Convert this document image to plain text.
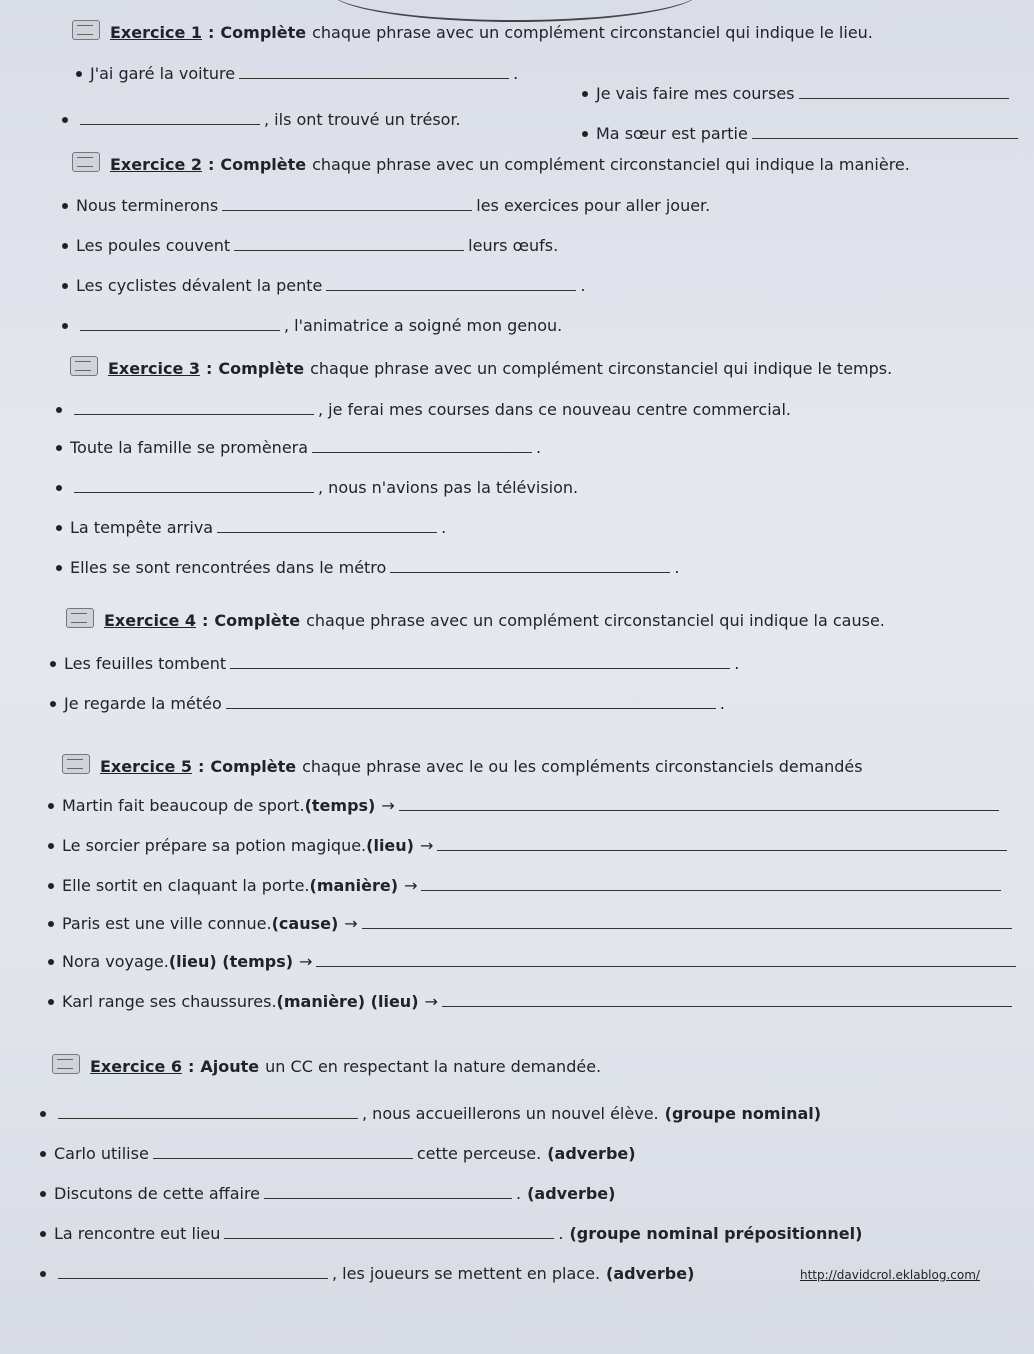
Exercice 1 : Complète chaque phrase avec un complément circonstanciel qui indique le lieu.
J'ai garé la voiture	.
Je vais faire mes courses
, ils ont trouvé un trésor.
Ma sœur est partie
Exercice 2 : Complète chaque phrase avec un complément circonstanciel qui indique la manière.
Nous terminerons	les exercices pour aller jouer.
Les poules couvent	leurs œufs.
Les cyclistes dévalent la pente	.
, l'animatrice a soigné mon genou.
Exercice 3 : Complète chaque phrase avec un complément circonstanciel qui indique le temps.
, je ferai mes courses dans ce nouveau centre commercial.
Toute la famille se promènera	.
, nous n'avions pas la télévision.
La tempête arriva	.
Elles se sont rencontrées dans le métro	.
Exercice 4 : Complète chaque phrase avec un complément circonstanciel qui indique la cause.
Les feuilles tombent	.
Je regarde la météo	.
Exercice 5 : Complète chaque phrase avec le ou les compléments circonstanciels demandés
Martin fait beaucoup de sport. (temps) →
Le sorcier prépare sa potion magique. (lieu) →
Elle sortit en claquant la porte. (manière) →
Paris est une ville connue. (cause) →
Nora voyage. (lieu) (temps) →
Karl range ses chaussures. (manière) (lieu) →
Exercice 6 : Ajoute un CC en respectant la nature demandée.
, nous accueillerons un nouvel élève. (groupe nominal)
Carlo utilise	cette perceuse. (adverbe)
Discutons de cette affaire	. (adverbe)
La rencontre eut lieu	. (groupe nominal prépositionnel)
, les joueurs se mettent en place. (adverbe)	http://davidcrol.eklablog.com/
